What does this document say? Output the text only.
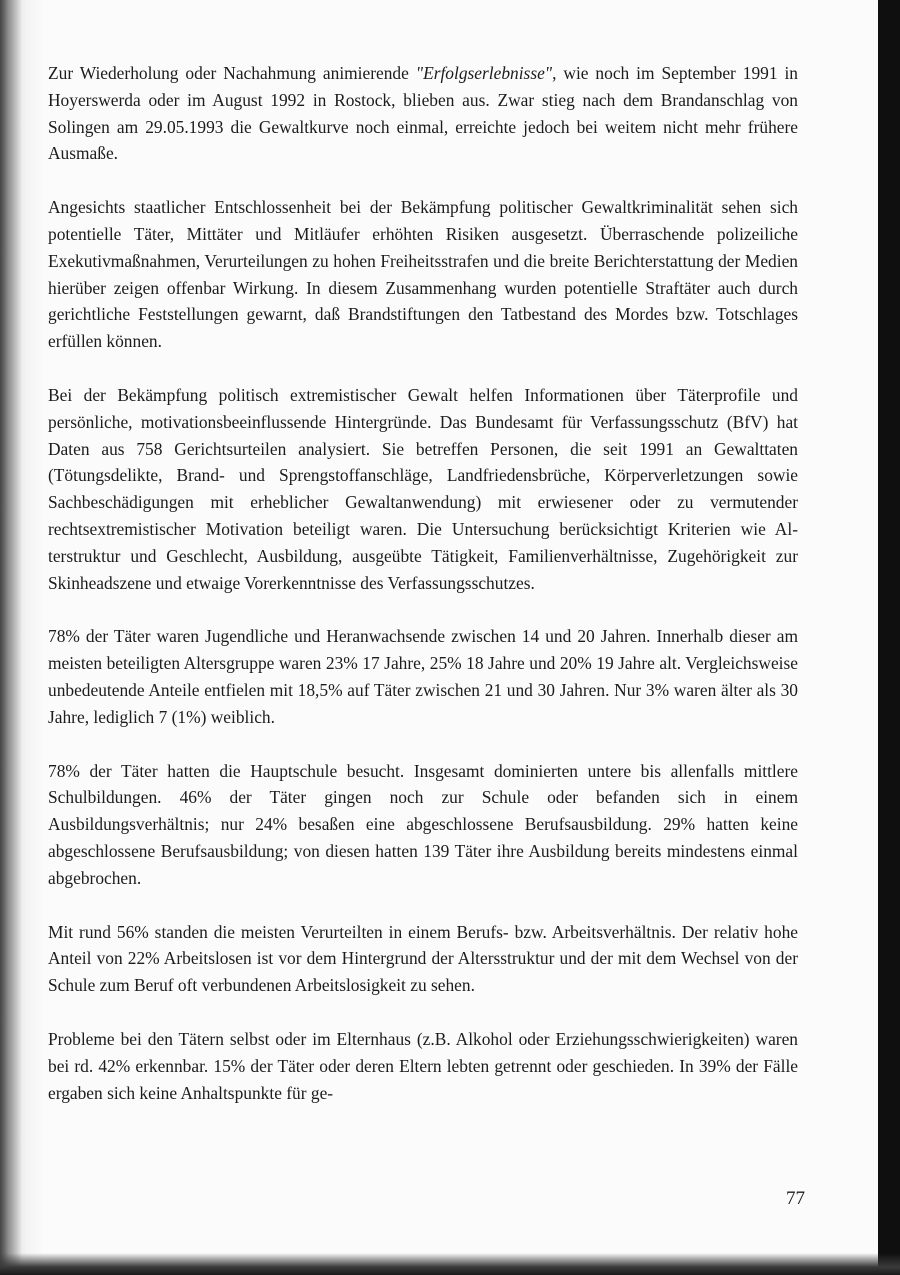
Zur Wiederholung oder Nachahmung animierende "Erfolgserlebnisse", wie noch im September 1991 in Hoyerswerda oder im August 1992 in Rostock, blieben aus. Zwar stieg nach dem Brandanschlag von Solingen am 29.05.1993 die Gewaltkurve noch einmal, erreichte jedoch bei weitem nicht mehr frühere Ausmaße.

Angesichts staatlicher Entschlossenheit bei der Bekämpfung politischer Gewaltkriminalität sehen sich potentielle Täter, Mittäter und Mitläufer erhöhten Risiken ausgesetzt. Überraschende polizeiliche Exekutivmaßnahmen, Verurteilungen zu hohen Freiheitsstrafen und die breite Berichterstattung der Medien hierüber zeigen offenbar Wirkung. In diesem Zusammenhang wurden potentielle Straftäter auch durch gerichtliche Feststellungen gewarnt, daß Brandstiftungen den Tatbestand des Mordes bzw. Totschlages erfüllen können.

Bei der Bekämpfung politisch extremistischer Gewalt helfen Informationen über Täterprofile und persönliche, motivationsbeeinflussende Hintergründe. Das Bundesamt für Verfassungsschutz (BfV) hat Daten aus 758 Gerichtsurteilen analysiert. Sie betreffen Personen, die seit 1991 an Gewalttaten (Tötungsdelikte, Brand- und Sprengstoffanschläge, Landfriedensbrüche, Körperverletzungen sowie Sachbeschädigungen mit erheblicher Gewaltanwendung) mit erwiesener oder zu vermutender rechtsextremistischer Motivation beteiligt waren. Die Untersuchung berücksichtigt Kriterien wie Alterstruktur und Geschlecht, Ausbildung, ausgeübte Tätigkeit, Familienverhältnisse, Zugehörigkeit zur Skinheadszene und etwaige Vorerkenntnisse des Verfassungsschutzes.

78% der Täter waren Jugendliche und Heranwachsende zwischen 14 und 20 Jahren. Innerhalb dieser am meisten beteiligten Altersgruppe waren 23% 17 Jahre, 25% 18 Jahre und 20% 19 Jahre alt. Vergleichsweise unbedeutende Anteile entfielen mit 18,5% auf Täter zwischen 21 und 30 Jahren. Nur 3% waren älter als 30 Jahre, lediglich 7 (1%) weiblich.

78% der Täter hatten die Hauptschule besucht. Insgesamt dominierten untere bis allenfalls mittlere Schulbildungen. 46% der Täter gingen noch zur Schule oder befanden sich in einem Ausbildungsverhältnis; nur 24% besaßen eine abgeschlossene Berufsausbildung. 29% hatten keine abgeschlossene Berufsausbildung; von diesen hatten 139 Täter ihre Ausbildung bereits mindestens einmal abgebrochen.

Mit rund 56% standen die meisten Verurteilten in einem Berufs- bzw. Arbeitsverhältnis. Der relativ hohe Anteil von 22% Arbeitslosen ist vor dem Hintergrund der Altersstruktur und der mit dem Wechsel von der Schule zum Beruf oft verbundenen Arbeitslosigkeit zu sehen.

Probleme bei den Tätern selbst oder im Elternhaus (z.B. Alkohol oder Erziehungsschwierigkeiten) waren bei rd. 42% erkennbar. 15% der Täter oder deren Eltern lebten getrennt oder geschieden. In 39% der Fälle ergaben sich keine Anhaltspunkte für ge-

77
